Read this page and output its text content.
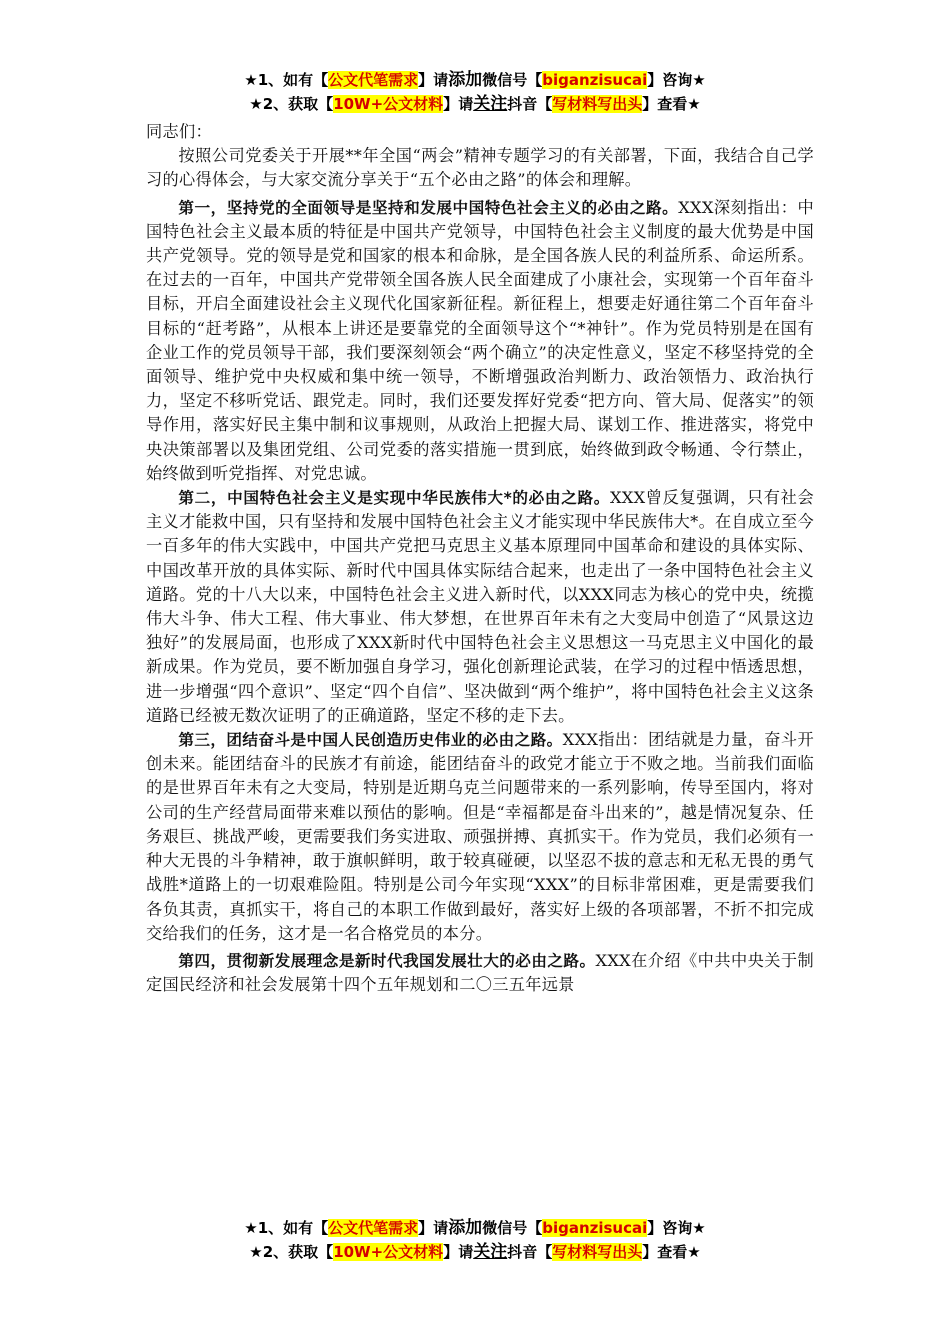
★1、如有【公文代笔需求】请添加微信号【biganzisucai】咨询★
★2、获取【10W+公文材料】请关注抖音【写材料写出头】查看★

同志们：

按照公司党委关于开展**年全国“两会”精神专题学习的有关部署，下面，我结合自己学习的心得体会，与大家交流分享关于“五个必由之路”的体会和理解。

第一，坚持党的全面领导是坚持和发展中国特色社会主义的必由之路。XXX深刻指出：中国特色社会主义最本质的特征是中国共产党领导，中国特色社会主义制度的最大优势是中国共产党领导。党的领导是党和国家的根本和命脉，是全国各族人民的利益所系、命运所系。在过去的一百年，中国共产党带领全国各族人民全面建成了小康社会，实现第一个百年奋斗目标，开启全面建设社会主义现代化国家新征程。新征程上，想要走好通往第二个百年奋斗目标的“赶考路”，从根本上讲还是要靠党的全面领导这个“*神针”。作为党员特别是在国有企业工作的党员领导干部，我们要深刻领会“两个确立”的决定性意义，坚定不移坚持党的全面领导、维护党中央权威和集中统一领导，不断增强政治判断力、政治领悟力、政治执行力，坚定不移听党话、跟党走。同时，我们还要发挥好党委“把方向、管大局、促落实”的领导作用，落实好民主集中制和议事规则，从政治上把握大局、谋划工作、推进落实，将党中央决策部署以及集团党组、公司党委的落实措施一贯到底，始终做到政令畅通、令行禁止，始终做到听党指挥、对党忠诚。

第二，中国特色社会主义是实现中华民族伟大*的必由之路。XXX曾反复强调，只有社会主义才能救中国，只有坚持和发展中国特色社会主义才能实现中华民族伟大*。在自成立至今一百多年的伟大实践中，中国共产党把马克思主义基本原理同中国革命和建设的具体实际、中国改革开放的具体实际、新时代中国具体实际结合起来，也走出了一条中国特色社会主义道路。党的十八大以来，中国特色社会主义进入新时代，以XXX同志为核心的党中央，统揽伟大斗争、伟大工程、伟大事业、伟大梦想，在世界百年未有之大变局中创造了“风景这边独好”的发展局面，也形成了XXX新时代中国特色社会主义思想这一马克思主义中国化的最新成果。作为党员，要不断加强自身学习，强化创新理论武装，在学习的过程中悟透思想，进一步增强“四个意识”、坚定“四个自信”、坚决做到“两个维护”，将中国特色社会主义这条道路已经被无数次证明了的正确道路，坚定不移的走下去。

第三，团结奋斗是中国人民创造历史伟业的必由之路。XXX指出：团结就是力量，奋斗开创未来。能团结奋斗的民族才有前途，能团结奋斗的政党才能立于不败之地。当前我们面临的是世界百年未有之大变局，特别是近期乌克兰问题带来的一系列影响，传导至国内，将对公司的生产经营局面带来难以预估的影响。但是“幸福都是奋斗出来的”，越是情况复杂、任务艰巨、挑战严峻，更需要我们务实进取、顽强拼搏、真抓实干。作为党员，我们必须有一种大无畏的斗争精神，敢于旗帜鲜明，敢于较真碰硬，以坚忍不拔的意志和无私无畏的勇气战胜*道路上的一切艰难险阻。特别是公司今年实现“XXX”的目标非常困难，更是需要我们各负其责，真抓实干，将自己的本职工作做到最好，落实好上级的各项部署，不折不扣完成交给我们的任务，这才是一名合格党员的本分。

第四，贯彻新发展理念是新时代我国发展壮大的必由之路。XXX在介绍《中共中央关于制定国民经济和社会发展第十四个五年规划和二〇三五年远景

★1、如有【公文代笔需求】请添加微信号【biganzisucai】咨询★
★2、获取【10W+公文材料】请关注抖音【写材料写出头】查看★
